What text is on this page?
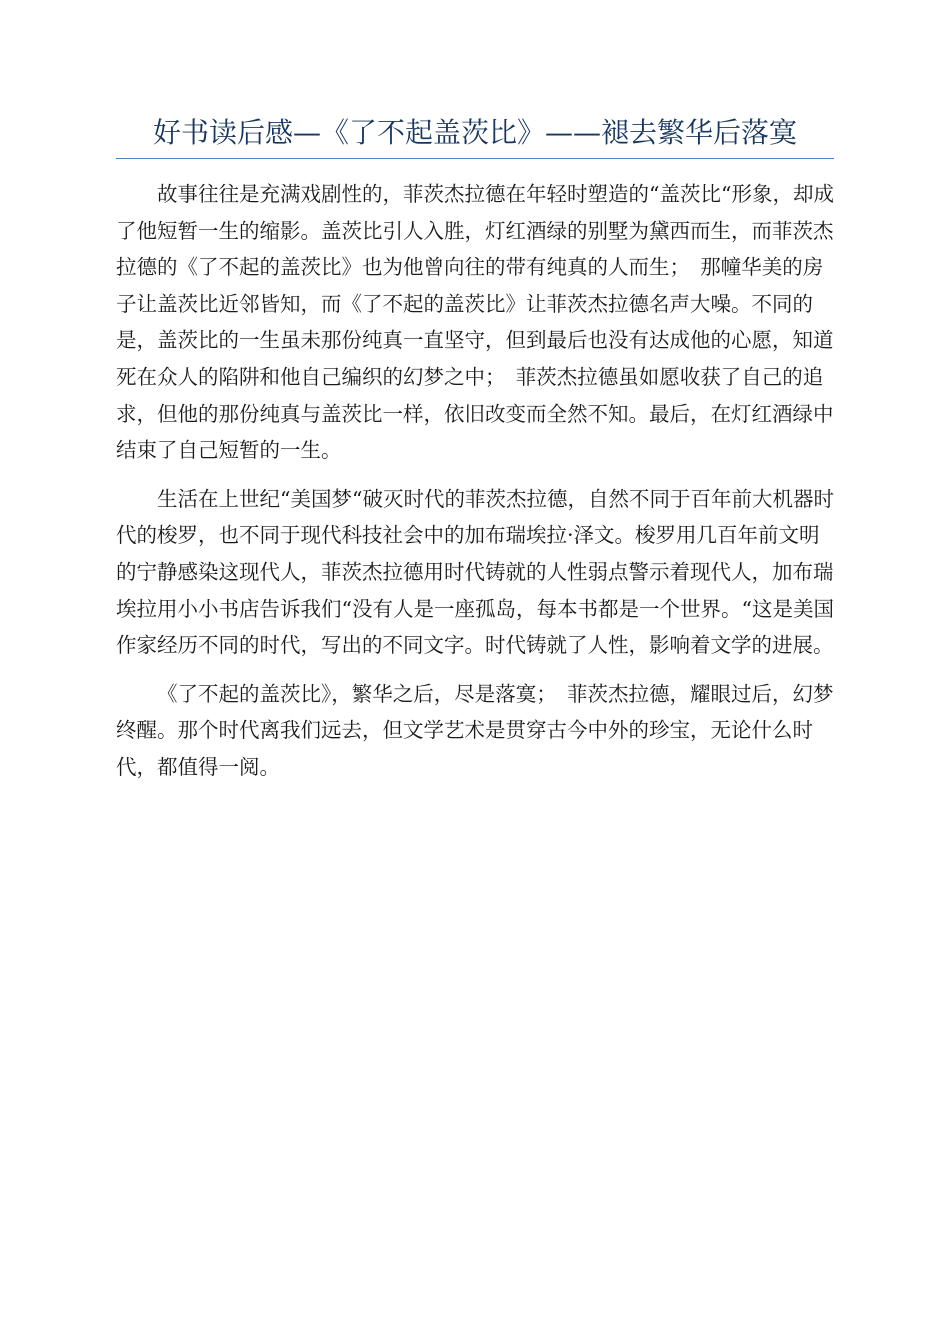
好书读后感—《了不起盖茨比》——褪去繁华后落寞

故事往往是充满戏剧性的，菲茨杰拉德在年轻时塑造的“盖茨比“形象，却成了他短暂一生的缩影。盖茨比引人入胜，灯红酒绿的别墅为黛西而生，而菲茨杰拉德的《了不起的盖茨比》也为他曾向往的带有纯真的人而生；　那幢华美的房子让盖茨比近邻皆知，而《了不起的盖茨比》让菲茨杰拉德名声大噪。不同的是，盖茨比的一生虽未那份纯真一直坚守，但到最后也没有达成他的心愿，知道死在众人的陷阱和他自己编织的幻梦之中；　菲茨杰拉德虽如愿收获了自己的追求，但他的那份纯真与盖茨比一样，依旧改变而全然不知。最后，在灯红酒绿中结束了自己短暂的一生。

生活在上世纪“美国梦“破灭时代的菲茨杰拉德，自然不同于百年前大机器时代的梭罗，也不同于现代科技社会中的加布瑞埃拉·泽文。梭罗用几百年前文明的宁静感染这现代人，菲茨杰拉德用时代铸就的人性弱点警示着现代人，加布瑞埃拉用小小书店告诉我们“没有人是一座孤岛，每本书都是一个世界。“这是美国作家经历不同的时代，写出的不同文字。时代铸就了人性，影响着文学的进展。

《了不起的盖茨比》，繁华之后，尽是落寞；　菲茨杰拉德，耀眼过后，幻梦终醒。那个时代离我们远去，但文学艺术是贯穿古今中外的珍宝，无论什么时代，都值得一阅。
